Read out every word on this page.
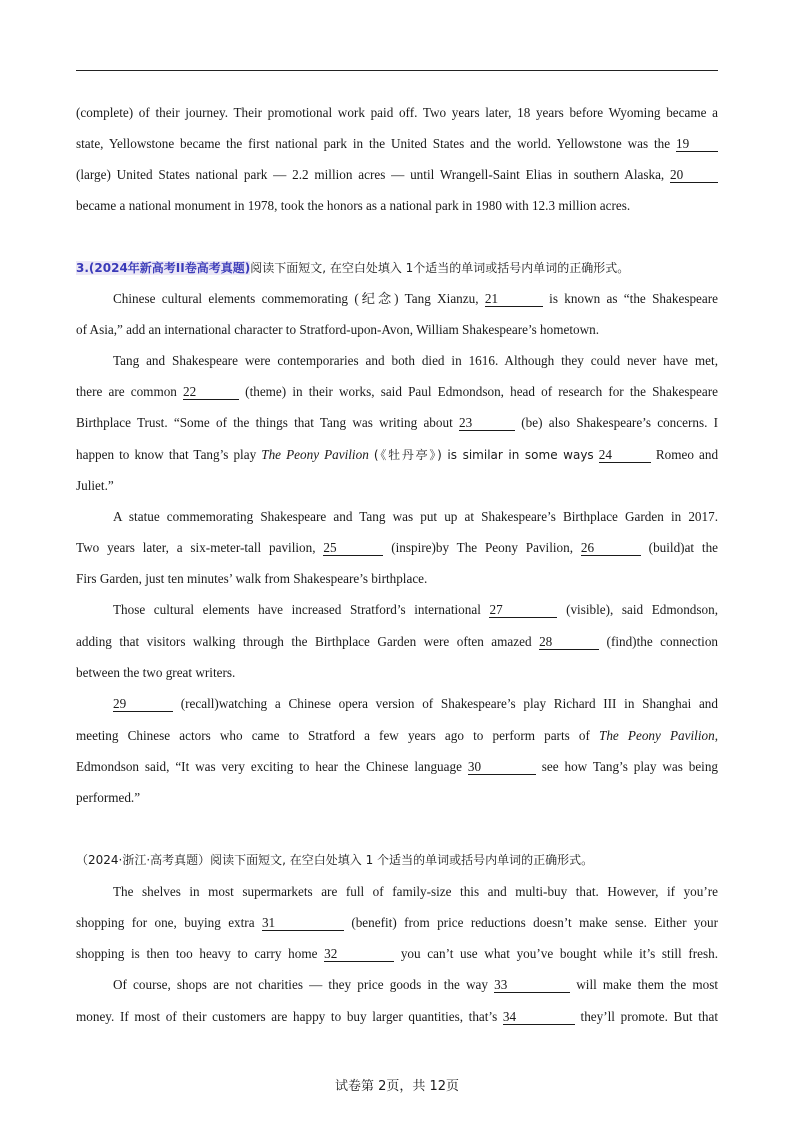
(complete) of their journey. Their promotional work paid off. Two years later, 18 years before Wyoming became a
state, Yellowstone became the first national park in the United States and the world. Yellowstone was the 19
(large) United States national park — 2.2 million acres — until Wrangell-Saint Elias in southern Alaska, 20
became a national monument in 1978, took the honors as a national park in 1980 with 12.3 million acres.
3.(2024年新高考II卷高考真题)阅读下面短文, 在空白处填入 1个适当的单词或括号内单词的正确形式。
Chinese cultural elements commemorating (纪念) Tang Xianzu, 21	is known as “the Shakespeare
of Asia,” add an international character to Stratford-upon-Avon, William Shakespeare’s hometown.
Tang and Shakespeare were contemporaries and both died in 1616. Although they could never have met,
there are common 22	(theme) in their works, said Paul Edmondson, head of research for the Shakespeare
Birthplace Trust. “Some of the things that Tang was writing about 23	(be) also Shakespeare’s concerns. I
happen to know that Tang’s play The Peony Pavilion (《牡丹亭》) is similar in some ways 24	Romeo and
Juliet.”
A statue commemorating Shakespeare and Tang was put up at Shakespeare’s Birthplace Garden in 2017.
Two years later, a six-meter-tall pavilion, 25	(inspire)by The Peony Pavilion, 26	(build)at the
Firs Garden, just ten minutes’ walk from Shakespeare’s birthplace.
Those cultural elements have increased Stratford’s international 27	(visible), said Edmondson,
adding that visitors walking through the Birthplace Garden were often amazed 28	(find)the connection
between the two great writers.
29	(recall)watching a Chinese opera version of Shakespeare’s play Richard III in Shanghai and
meeting Chinese actors who came to Stratford a few years ago to perform parts of The Peony Pavilion,
Edmondson said, “It was very exciting to hear the Chinese language 30	see how Tang’s play was being
performed.”
（2024·浙江·高考真题）阅读下面短文, 在空白处填入 1 个适当的单词或括号内单词的正确形式。
The shelves in most supermarkets are full of family-size this and multi-buy that. However, if you’re
shopping for one, buying extra 31	(benefit) from price reductions doesn’t make sense. Either your
shopping is then too heavy to carry home 32	you can’t use what you’ve bought while it’s still fresh.
Of course, shops are not charities — they price goods in the way 33	will make them the most
money. If most of their customers are happy to buy larger quantities, that’s 34	they’ll promote. But that
试卷第 2页，共 12页
